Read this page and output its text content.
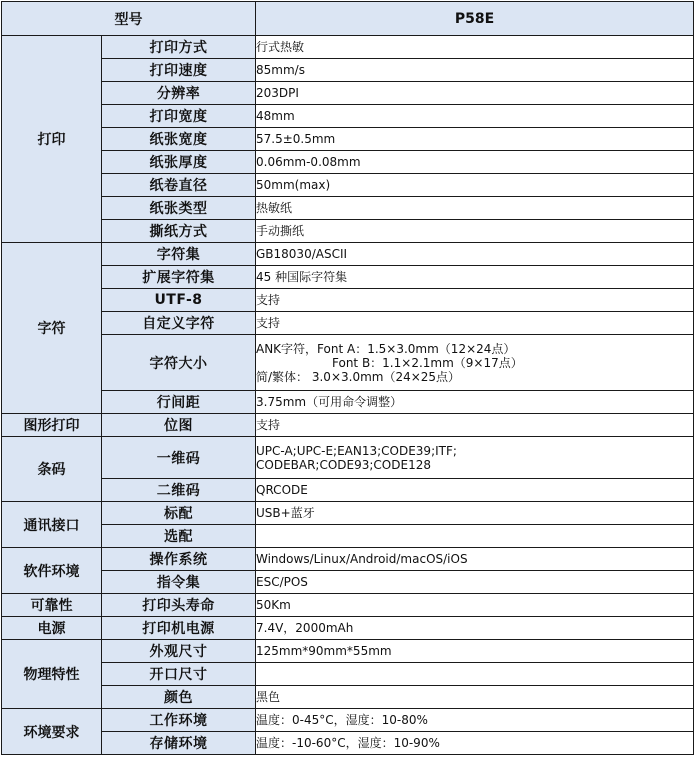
型号		P58E
打印	打印方式	行式热敏
	打印速度	85mm/s
	分辨率	203DPI
	打印宽度	48mm
	纸张宽度	57.5±0.5mm
	纸张厚度	0.06mm-0.08mm
	纸卷直径	50mm(max)
	纸张类型	热敏纸
	撕纸方式	手动撕纸
字符	字符集	GB18030/ASCII
	扩展字符集	45 种国际字符集
	UTF-8	支持
	自定义字符	支持
	字符大小	ANK字符，Font A：1.5×3.0mm（12×24点）
Font B：1.1×2.1mm（9×17点）
简/繁体： 3.0×3.0mm（24×25点）

	行间距	3.75mm（可用命令调整）
图形打印	位图	支持
条码	一维码	UPC-A;UPC-E;EAN13;CODE39;ITF;
CODEBAR;CODE93;CODE128

	二维码	QRCODE
通讯接口	标配	USB+蓝牙
	选配	
软件环境	操作系统	Windows/Linux/Android/macOS/iOS
	指令集	ESC/POS
可靠性	打印头寿命	50Km
电源	打印机电源	7.4V，2000mAh
物理特性	外观尺寸	125mm*90mm*55mm
	开口尺寸	
	颜色	黑色
环境要求	工作环境	温度：0-45°C，湿度：10-80%
	存储环境	温度：-10-60°C，湿度：10-90%
